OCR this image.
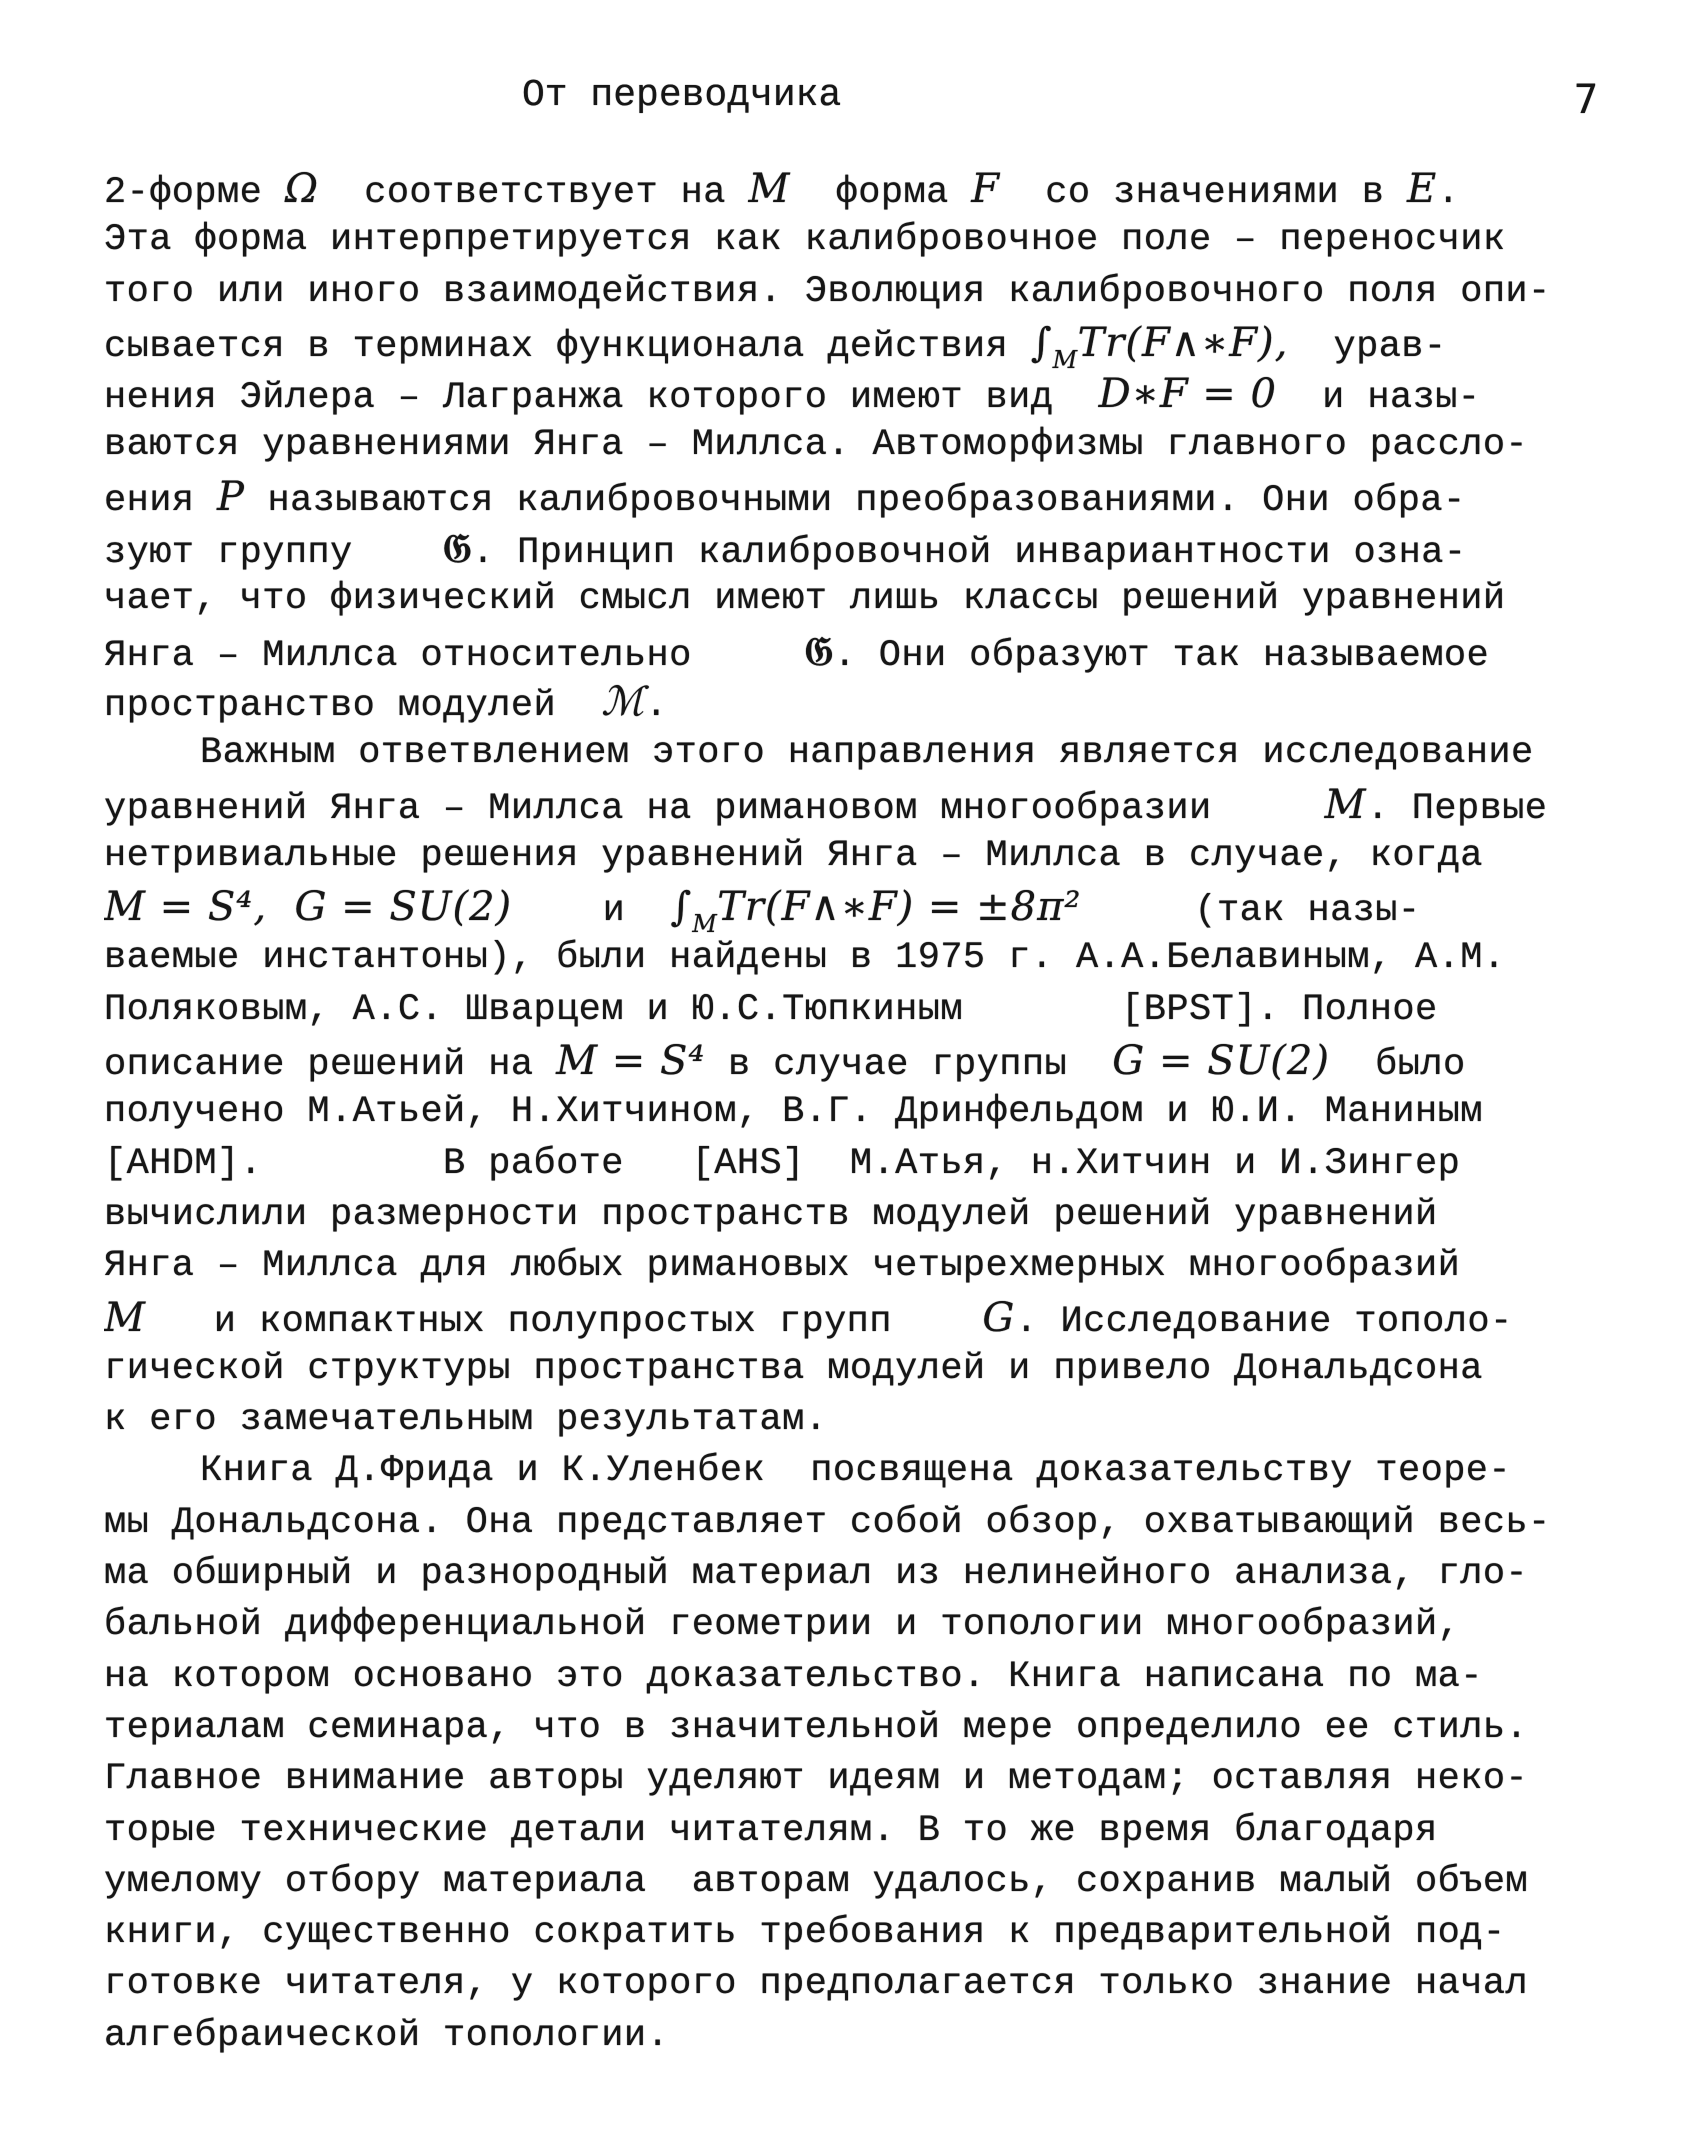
От переводчика	7
2-форме Ω  соответствует на M  форма F  со значениями в E.
Эта форма интерпретируется как калибровочное поле – переносчик
того или иного взаимодействия. Эволюция калибровочного поля опи-
сывается в терминах функционала действия $\int_MTr(F\wedge∗F)$,  урав-
нения Эйлера – Лагранжа которого имеют вид  D∗F = 0  и назы-
ваются уравнениями Янга – Миллса. Автоморфизмы главного рассло-
ения P называются калибровочными преобразованиями. Они обра-
зуют группу    𝔊. Принцип калибровочной инвариантности озна-
чает, что физический смысл имеют лишь классы решений уравнений
Янга – Миллса относительно     𝔊. Они образуют так называемое
пространство модулей  ℳ.
Важным ответвлением этого направления является исследование
уравнений Янга – Миллса на римановом многообразии     M. Первые
нетривиальные решения уравнений Янга – Миллса в случае, когда
M = S⁴,  G = SU(2)    и  $\int_MTr(F\wedge∗F) = \pm 8\pi^2$     (так назы-
ваемые инстантоны), были найдены в 1975 г. А.А.Белавиным, А.М.
Поляковым, А.С. Шварцем и Ю.С.Тюпкиным       [BPST]. Полное
описание решений на M = S⁴ в случае группы  G = SU(2)  было
получено М.Атьей, Н.Хитчином, В.Г. Дринфельдом и Ю.И. Маниным
[AHDM].        В работе   [AHS]  М.Атья, н.Хитчин и И.Зингер
вычислили размерности пространств модулей решений уравнений
Янга – Миллса для любых римановых четырехмерных многообразий
M   и компактных полупростых групп    G. Исследование тополо-
гической структуры пространства модулей и привело Дональдсона
к его замечательным результатам.
Книга Д.Фрида и К.Уленбек  посвящена доказательству теоре-
мы Дональдсона. Она представляет собой обзор, охватывающий весь-
ма обширный и разнородный материал из нелинейного анализа, гло-
бальной дифференциальной геометрии и топологии многообразий,
на котором основано это доказательство. Книга написана по ма-
териалам семинара, что в значительной мере определило ее стиль.
Главное внимание авторы уделяют идеям и методам; оставляя неко-
торые технические детали читателям. В то же время благодаря
умелому отбору материала  авторам удалось, сохранив малый объем
книги, существенно сократить требования к предварительной под-
готовке читателя, у которого предполагается только знание начал
алгебраической топологии.
